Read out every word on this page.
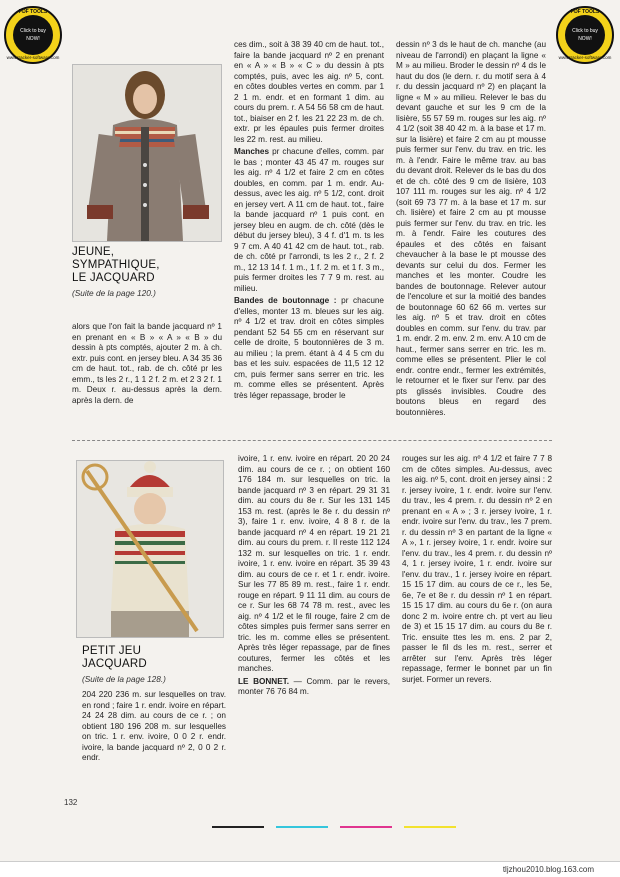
PDF TOOLS
Click to buy NOW!
www.tracker-software.com
PDF TOOLS
Click to buy NOW!
www.tracker-software.com
JEUNE,
SYMPATHIQUE,
LE JACQUARD
(Suite de la page 120.)

alors que l'on fait la bande jacquard nº 1 en prenant en « B » « A » « B » du dessin à pts comptés, ajouter 2 m. à ch. extr. puis cont. en jersey bleu. A 34 35 36 cm de haut. tot., rab. de ch. côté pr les emm., ts les 2 r., 1 1 2 f. 2 m. et 2 3 2 f. 1 m. Deux r. au-dessus après la dern. après la dern. de

ces dim., soit à 38 39 40 cm de haut. tot., faire la bande jacquard nº 2 en prenant en « A » « B » « C » du dessin à pts comptés, puis, avec les aig. nº 5, cont. en côtes doubles vertes en comm. par 1 2 1 m. endr. et en formant 1 dim. au cours du prem. r. A 54 56 58 cm de haut. tot., biaiser en 2 f. les 21 22 23 m. de ch. extr. pr les épaules puis fermer droites les 22 m. rest. au milieu.

Manches pr chacune d'elles, comm. par le bas ; monter 43 45 47 m. rouges sur les aig. nº 4 1/2 et faire 2 cm en côtes doubles, en comm. par 1 m. endr. Au-dessus, avec les aig. nº 5 1/2, cont. droit en jersey vert. A 11 cm de haut. tot., faire la bande jacquard nº 1 puis cont. en jersey bleu en augm. de ch. côté (dès le début du jersey bleu), 3 4 f. d'1 m. ts les 9 7 cm. A 40 41 42 cm de haut. tot., rab. de ch. côté pr l'arrondi, ts les 2 r., 2 f. 2 m., 12 13 14 f. 1 m., 1 f. 2 m. et 1 f. 3 m., puis fermer droites les 7 7 9 m. rest. au milieu.

Bandes de boutonnage : pr chacune d'elles, monter 13 m. bleues sur les aig. nº 4 1/2 et trav. droit en côtes simples pendant 52 54 55 cm en réservant sur celle de droite, 5 boutonnières de 3 m. au milieu ; la prem. étant à 4 4 5 cm du bas et les suiv. espacées de 11,5 12 12 cm, puis fermer sans serrer en tric. les m. comme elles se présentent. Après très léger repassage, broder le

dessin nº 3 ds le haut de ch. manche (au niveau de l'arrondi) en plaçant la ligne « M » au milieu. Broder le dessin nº 4 ds le haut du dos (le dern. r. du motif sera à 4 r. du dessin jacquard nº 2) en plaçant la ligne « M » au milieu. Relever le bas du devant gauche et sur les 9 cm de la lisière, 55 57 59 m. rouges sur les aig. nº 4 1/2 (soit 38 40 42 m. à la base et 17 m. sur la lisière) et faire 2 cm au pt mousse puis fermer sur l'env. du trav. en tric. les m. à l'endr. Faire le même trav. au bas du devant droit. Relever ds le bas du dos et de ch. côté des 9 cm de lisière, 103 107 111 m. rouges sur les aig. nº 4 1/2 (soit 69 73 77 m. à la base et 17 m. sur ch. lisière) et faire 2 cm au pt mousse puis fermer sur l'env. du trav. en tric. les m. à l'endr. Faire les coutures des épaules et des côtés en faisant chevaucher à la base le pt mousse des devants sur celui du dos. Fermer les manches et les monter. Coudre les bandes de boutonnage. Relever autour de l'encolure et sur la moitié des bandes de boutonnage 60 62 66 m. vertes sur les aig. nº 5 et trav. droit en côtes doubles en comm. sur l'env. du trav. par 1 m. endr. 2 m. env. 2 m. env. A 10 cm de haut., fermer sans serrer en tric. les m. comme elles se présentent. Plier le col endr. contre endr., fermer les extrémités, le retourner et le fixer sur l'env. par des pts glissés invisibles. Coudre des boutons bleus en regard des boutonnières.

PETIT JEU
JACQUARD
(Suite de la page 128.)

204 220 236 m. sur lesquelles on trav. en rond ; faire 1 r. endr. ivoire en répart. 24 24 28 dim. au cours de ce r. ; on obtient 180 196 208 m. sur lesquelles on tric. 1 r. env. ivoire, 0 0 2 r. endr. ivoire, la bande jacquard nº 2, 0 0 2 r. endr.

ivoire, 1 r. env. ivoire en répart. 20 20 24 dim. au cours de ce r. ; on obtient 160 176 184 m. sur lesquelles on tric. la bande jacquard nº 3 en répart. 29 31 31 dim. au cours du 8e r. Sur les 131 145 153 m. rest. (après le 8e r. du dessin nº 3), faire 1 r. env. ivoire, 4 8 8 r. de la bande jacquard nº 4 en répart. 19 21 21 dim. au cours du prem. r. Il reste 112 124 132 m. sur lesquelles on tric. 1 r. endr. ivoire, 1 r. env. ivoire en répart. 35 39 43 dim. au cours de ce r. et 1 r. endr. ivoire. Sur les 77 85 89 m. rest., faire 1 r. endr. rouge en répart. 9 11 11 dim. au cours de ce r. Sur les 68 74 78 m. rest., avec les aig. nº 4 1/2 et le fil rouge, faire 2 cm de côtes simples puis fermer sans serrer en tric. les m. comme elles se présentent. Après très léger repassage, par de fines coutures, fermer les côtés et les manches.

LE BONNET. — Comm. par le revers, monter 76 76 84 m.

rouges sur les aig. nº 4 1/2 et faire 7 7 8 cm de côtes simples. Au-dessus, avec les aig. nº 5, cont. droit en jersey ainsi : 2 r. jersey ivoire, 1 r. endr. ivoire sur l'env. du trav., les 4 prem. r. du dessin nº 2 en prenant en « A » ; 3 r. jersey ivoire, 1 r. endr. ivoire sur l'env. du trav., les 7 prem. r. du dessin nº 3 en partant de la ligne « A », 1 r. jersey ivoire, 1 r. endr. ivoire sur l'env. du trav., les 4 prem. r. du dessin nº 4, 1 r. jersey ivoire, 1 r. endr. ivoire sur l'env. du trav., 1 r. jersey ivoire en répart. 15 15 17 dim. au cours de ce r., les 5e, 6e, 7e et 8e r. du dessin nº 1 en répart. 15 15 17 dim. au cours du 6e r. (on aura donc 2 m. ivoire entre ch. pt vert au lieu de 3) et 15 15 17 dim. au cours du 8e r. Tric. ensuite ttes les m. ens. 2 par 2, passer le fil ds les m. rest., serrer et arrêter sur l'env. Après très léger repassage, fermer le bonnet par un fin surjet. Former un revers.

132
tljzhou2010.blog.163.com
